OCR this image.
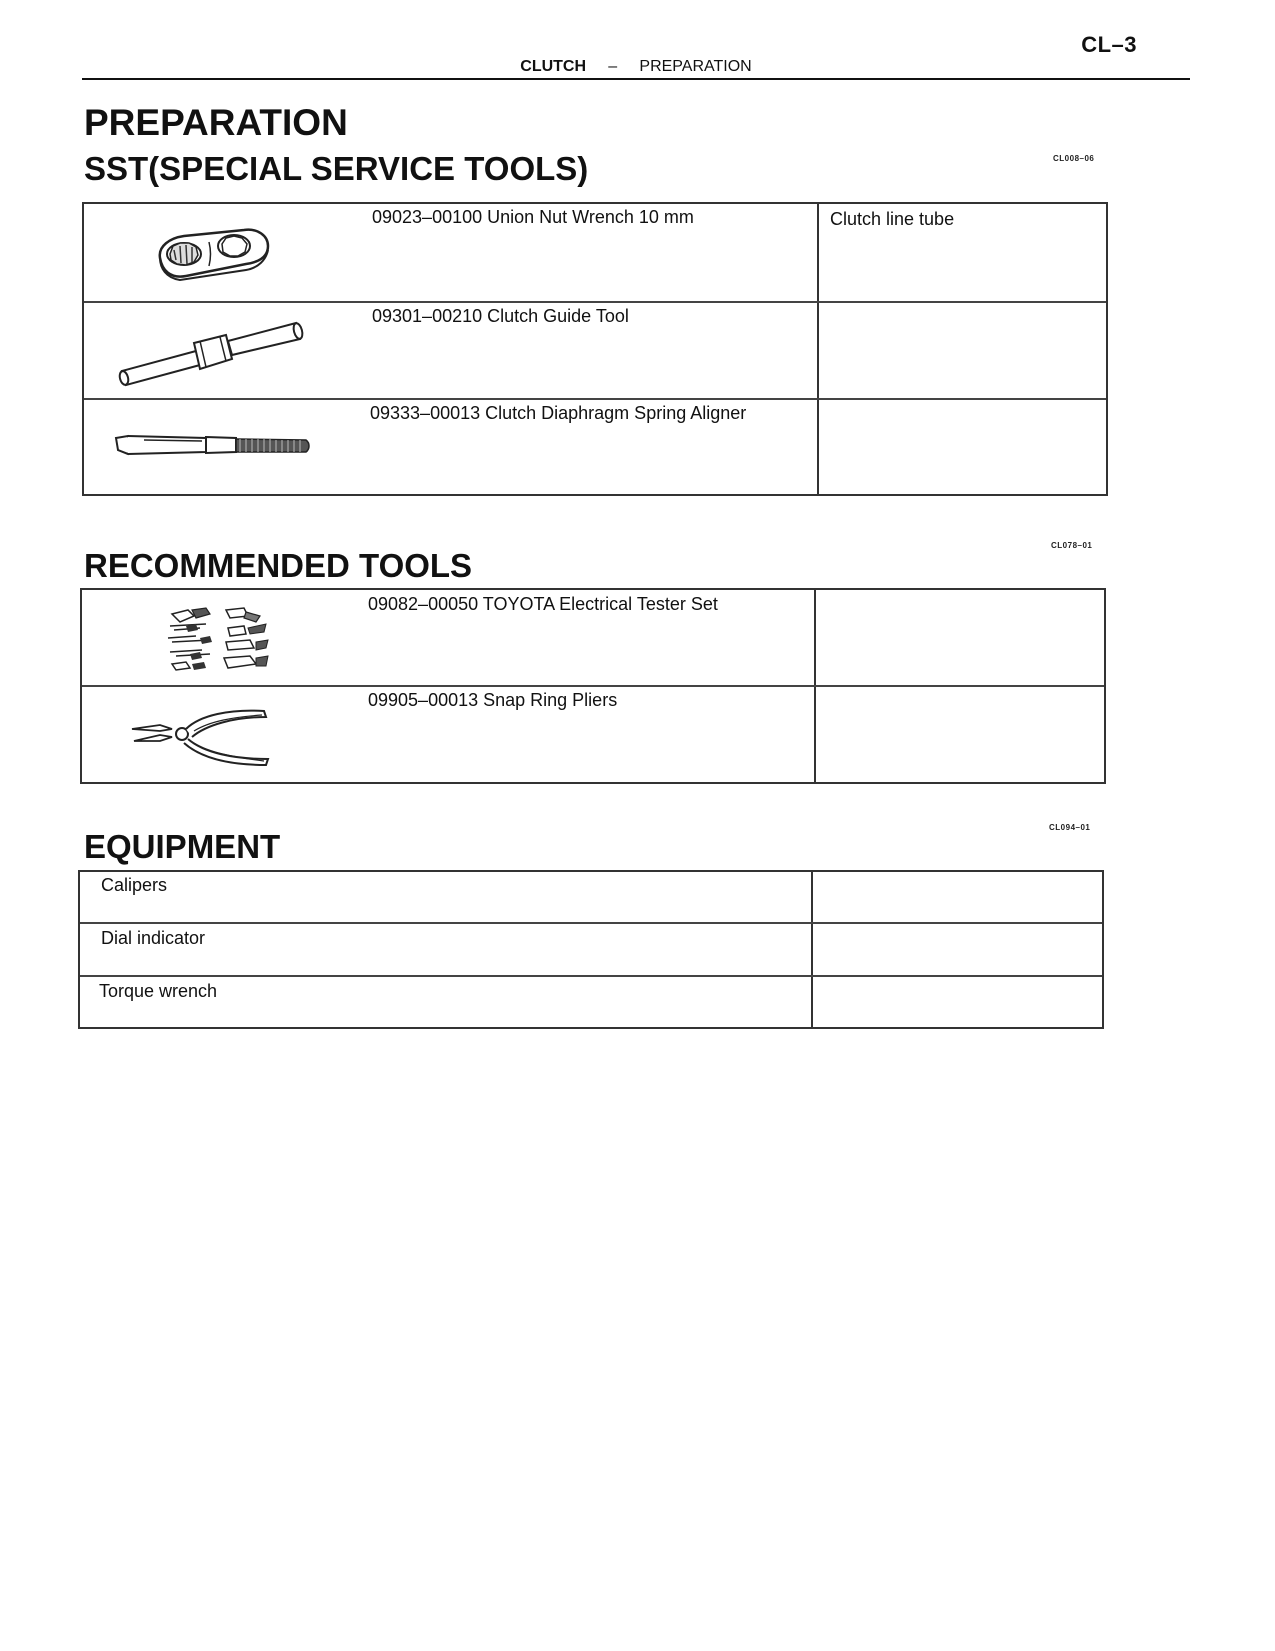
CL–3
CLUTCH – PREPARATION
PREPARATION
SST(SPECIAL SERVICE TOOLS)	CL008–06
09023–00100 Union Nut Wrench 10 mm	Clutch line tube
09301–00210 Clutch Guide Tool
09333–00013 Clutch Diaphragm Spring Aligner
RECOMMENDED TOOLS
CL078–01
09082–00050 TOYOTA Electrical Tester Set
09905–00013 Snap Ring Pliers
EQUIPMENT
CL094–01
Calipers
Dial indicator
Torque wrench
